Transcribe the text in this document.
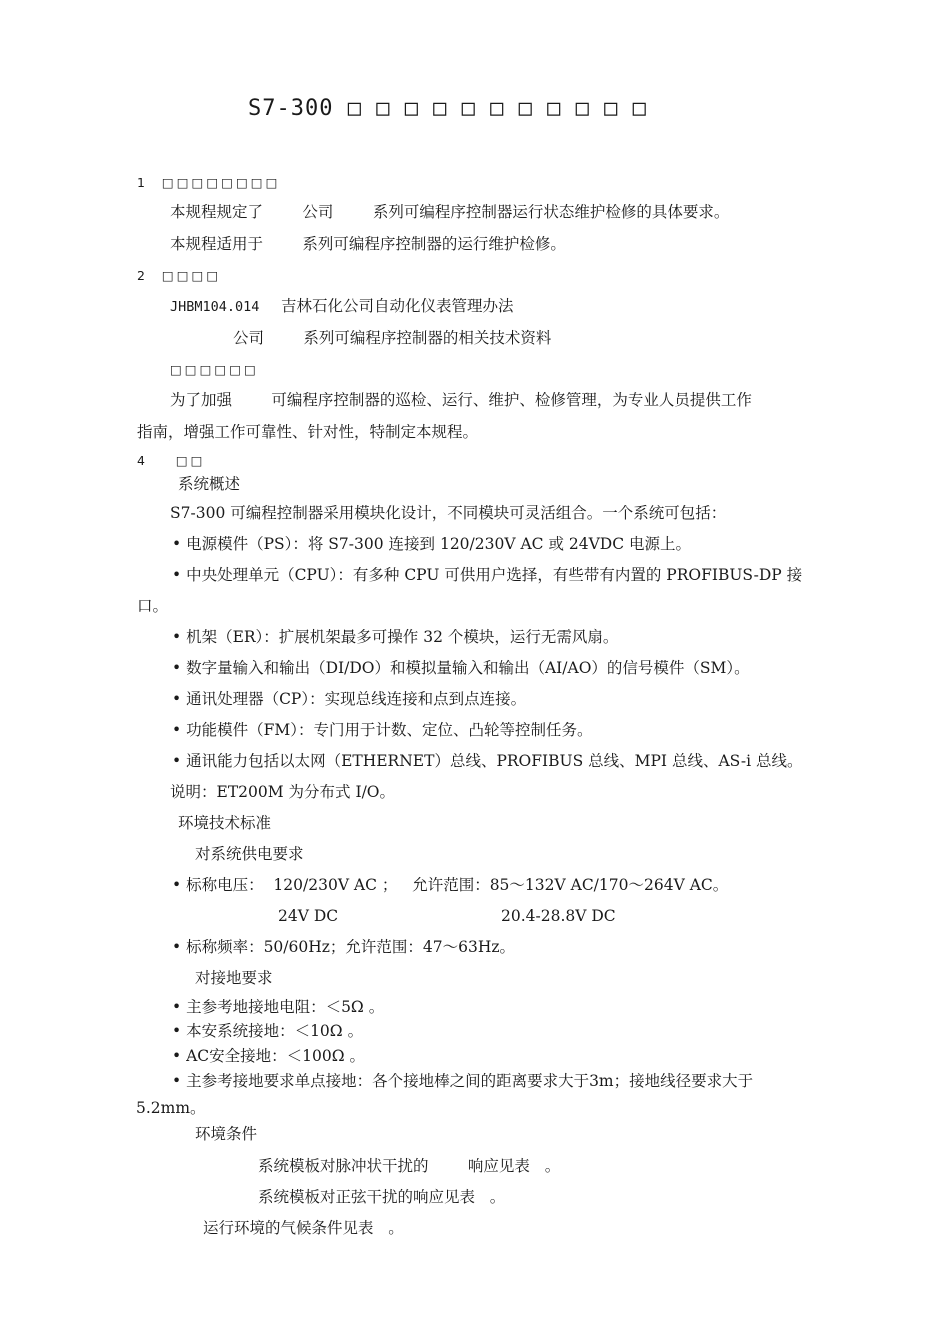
S7-300 □ □ □ □ □ □ □ □ □ □ □
1  □□□□□□□□
本规程规定了        公司        系列可编程序控制器运行状态维护检修的具体要求。
本规程适用于        系列可编程序控制器的运行维护检修。
2  □□□□
JHBM104.014 吉林石化公司自动化仪表管理办法
公司        系列可编程序控制器的相关技术资料
□□□□□□
为了加强        可编程序控制器的巡检、运行、维护、检修管理，为专业人员提供工作
指南，增强工作可靠性、针对性，特制定本规程。
4    □□
系统概述
S7-300 可编程控制器采用模块化设计，不同模块可灵活组合。一个系统可包括：
• 电源模件（PS）：将 S7-300 连接到 120/230V AC 或 24VDC 电源上。
• 中央处理单元（CPU）：有多种 CPU 可供用户选择，有些带有内置的 PROFIBUS-DP 接
口。
• 机架（ER）：扩展机架最多可操作 32 个模块，运行无需风扇。
• 数字量输入和输出（DI/DO）和模拟量输入和输出（AI/AO）的信号模件（SM）。
• 通讯处理器（CP）：实现总线连接和点到点连接。
• 功能模件（FM）：专门用于计数、定位、凸轮等控制任务。
• 通讯能力包括以太网（ETHERNET）总线、PROFIBUS 总线、MPI 总线、AS-i 总线。
说明：ET200M 为分布式 I/O。
环境技术标准
对系统供电要求
• 标称电压：  120/230V AC ；   允许范围：85～132V AC/170～264V AC。
24V DC	20.4-28.8V DC
• 标称频率：50/60Hz；允许范围：47～63Hz。
对接地要求
• 主参考地接地电阻：＜5Ω 。
• 本安系统接地：＜10Ω 。
• AC安全接地：＜100Ω 。
• 主参考接地要求单点接地：各个接地棒之间的距离要求大于3m；接地线径要求大于
5.2mm。
环境条件
系统模板对脉冲状干扰的        响应见表   。
系统模板对正弦干扰的响应见表   。
运行环境的气候条件见表   。
